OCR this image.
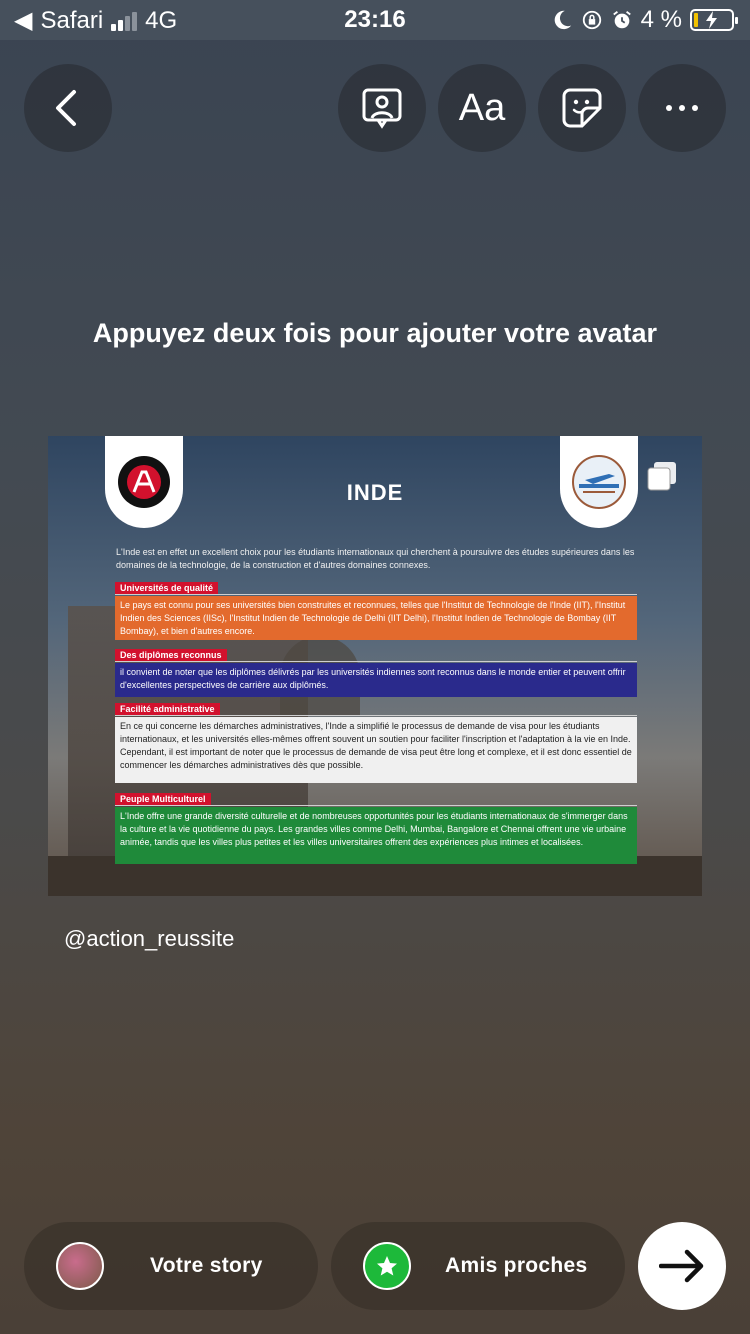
◀ Safari 4G	23:16	4 %
Aa
Appuyez deux fois pour ajouter votre avatar
INDE
L'Inde est en effet un excellent choix pour les étudiants internationaux qui cherchent à poursuivre des études supérieures dans les domaines de la technologie, de la construction et d'autres domaines connexes.
Universités de qualité
Le pays est connu pour ses universités bien construites et reconnues, telles que l'Institut de Technologie de l'Inde (IIT), l'Institut Indien des Sciences (IISc), l'Institut Indien de Technologie de Delhi (IIT Delhi), l'Institut Indien de Technologie de Bombay (IIT Bombay), et bien d'autres encore.
Des diplômes reconnus
il convient de noter que les diplômes délivrés par les universités indiennes sont reconnus dans le monde entier et peuvent offrir d'excellentes perspectives de carrière aux diplômés.
Facilité administrative
En ce qui concerne les démarches administratives, l'Inde a simplifié le processus de demande de visa pour les étudiants internationaux, et les universités elles-mêmes offrent souvent un soutien pour faciliter l'inscription et l'adaptation à la vie en Inde. Cependant, il est important de noter que le processus de demande de visa peut être long et complexe, et il est donc essentiel de commencer les démarches administratives dès que possible.
Peuple Multiculturel
L'Inde offre une grande diversité culturelle et de nombreuses opportunités pour les étudiants internationaux de s'immerger dans la culture et la vie quotidienne du pays. Les grandes villes comme Delhi, Mumbai, Bangalore et Chennai offrent une vie urbaine animée, tandis que les villes plus petites et les villes universitaires offrent des expériences plus intimes et localisées.
@action_reussite
Votre story	Amis proches
